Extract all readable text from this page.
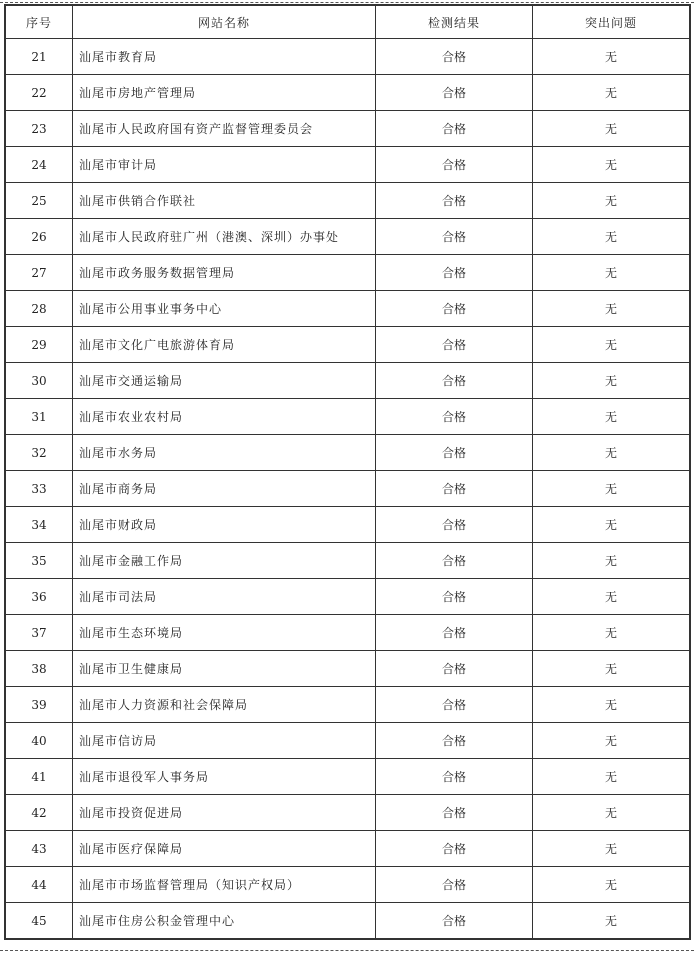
序号	网站名称	检测结果	突出问题
21	汕尾市教育局	合格	无
22	汕尾市房地产管理局	合格	无
23	汕尾市人民政府国有资产监督管理委员会	合格	无
24	汕尾市审计局	合格	无
25	汕尾市供销合作联社	合格	无
26	汕尾市人民政府驻广州（港澳、深圳）办事处	合格	无
27	汕尾市政务服务数据管理局	合格	无
28	汕尾市公用事业事务中心	合格	无
29	汕尾市文化广电旅游体育局	合格	无
30	汕尾市交通运输局	合格	无
31	汕尾市农业农村局	合格	无
32	汕尾市水务局	合格	无
33	汕尾市商务局	合格	无
34	汕尾市财政局	合格	无
35	汕尾市金融工作局	合格	无
36	汕尾市司法局	合格	无
37	汕尾市生态环境局	合格	无
38	汕尾市卫生健康局	合格	无
39	汕尾市人力资源和社会保障局	合格	无
40	汕尾市信访局	合格	无
41	汕尾市退役军人事务局	合格	无
42	汕尾市投资促进局	合格	无
43	汕尾市医疗保障局	合格	无
44	汕尾市市场监督管理局（知识产权局）	合格	无
45	汕尾市住房公积金管理中心	合格	无
